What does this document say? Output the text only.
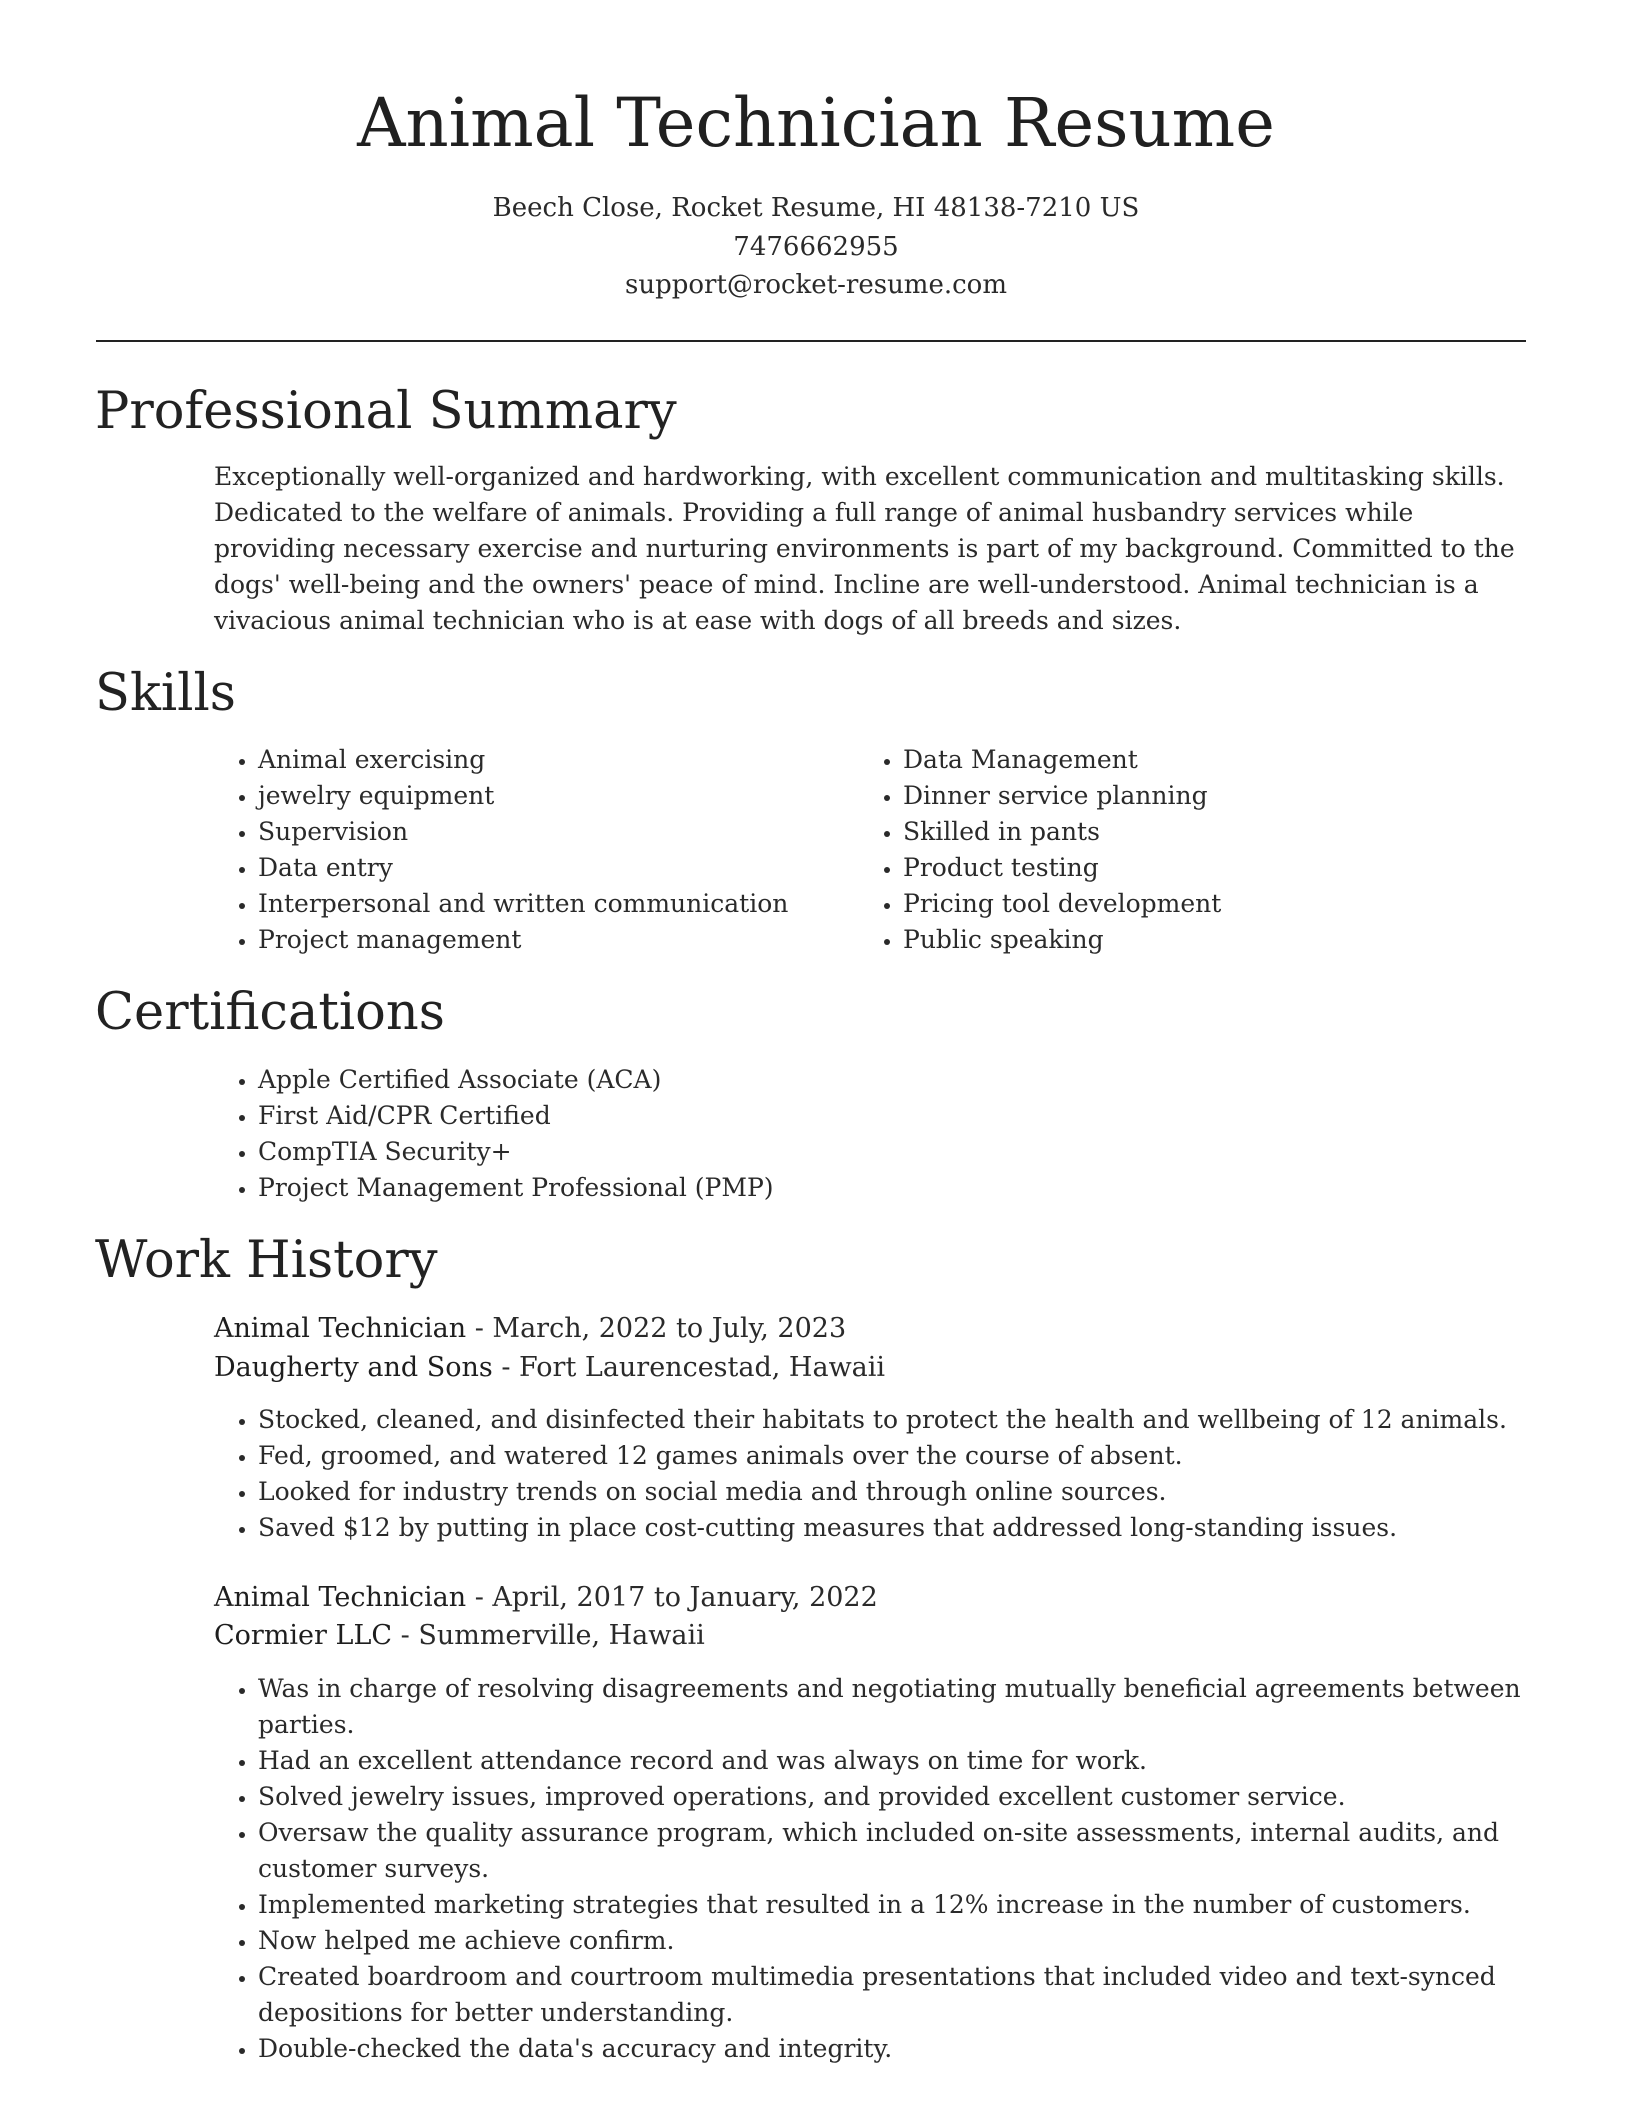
Animal Technician Resume
Beech Close, Rocket Resume, HI 48138-7210 US
7476662955
support@rocket-resume.com
Professional Summary
Exceptionally well-organized and hardworking, with excellent communication and multitasking skills. Dedicated to the welfare of animals. Providing a full range of animal husbandry services while providing necessary exercise and nurturing environments is part of my background. Committed to the dogs' well-being and the owners' peace of mind. Incline are well-understood. Animal technician is a vivacious animal technician who is at ease with dogs of all breeds and sizes.
Skills
• Animal exercising
• jewelry equipment
• Supervision
• Data entry
• Interpersonal and written communication
• Project management
• Data Management
• Dinner service planning
• Skilled in pants
• Product testing
• Pricing tool development
• Public speaking
Certifications
• Apple Certified Associate (ACA)
• First Aid/CPR Certified
• CompTIA Security+
• Project Management Professional (PMP)
Work History
Animal Technician - March, 2022 to July, 2023
Daugherty and Sons - Fort Laurencestad, Hawaii
• Stocked, cleaned, and disinfected their habitats to protect the health and wellbeing of 12 animals.
• Fed, groomed, and watered 12 games animals over the course of absent.
• Looked for industry trends on social media and through online sources.
• Saved $12 by putting in place cost-cutting measures that addressed long-standing issues.
Animal Technician - April, 2017 to January, 2022
Cormier LLC - Summerville, Hawaii
• Was in charge of resolving disagreements and negotiating mutually beneficial agreements between parties.
• Had an excellent attendance record and was always on time for work.
• Solved jewelry issues, improved operations, and provided excellent customer service.
• Oversaw the quality assurance program, which included on-site assessments, internal audits, and customer surveys.
• Implemented marketing strategies that resulted in a 12% increase in the number of customers.
• Now helped me achieve confirm.
• Created boardroom and courtroom multimedia presentations that included video and text-synced depositions for better understanding.
• Double-checked the data's accuracy and integrity.
